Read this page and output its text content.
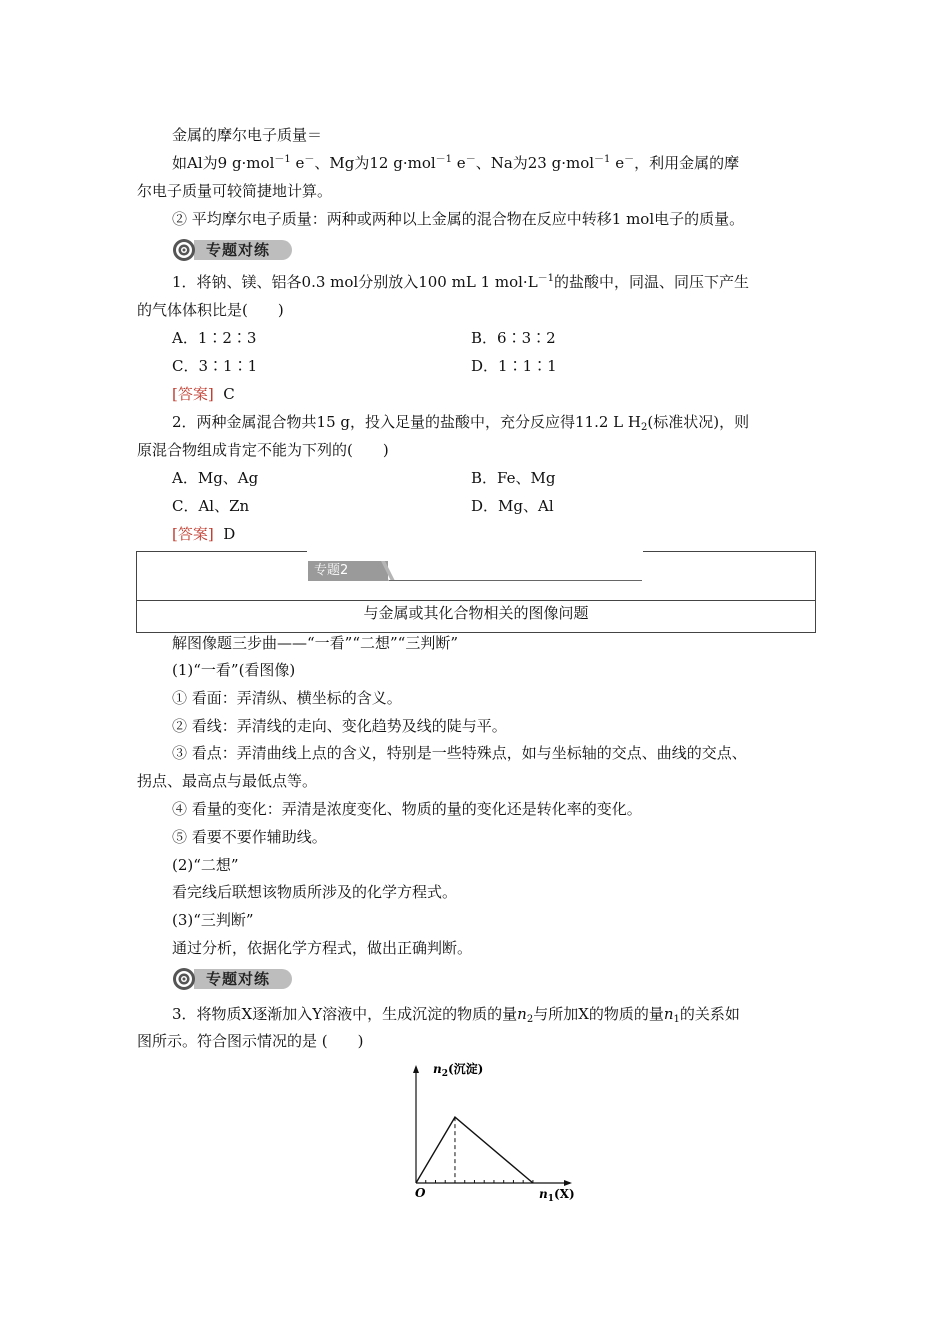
金属的摩尔电子质量＝
如Al为9 g·mol$^{-1}$ e－、Mg为12 g·mol$^{-1}$ e－、Na为23 g·mol$^{-1}$ e－，利用金属的摩
尔电子质量可较简捷地计算。
② 平均摩尔电子质量：两种或两种以上金属的混合物在反应中转移1 mol电子的质量。
专题对练
1．将钠、镁、铝各0.3 mol分别放入100 mL 1 $mol\cdot L^{-1}$的盐酸中，同温、同压下产生
的气体体积比是(　　)
A．1∶2∶3	B．6∶3∶2
C．3∶1∶1	D．1∶1∶1
[答案] C
2．两种金属混合物共15 g，投入足量的盐酸中，充分反应得11.2 L $H_2$(标准状况)，则
原混合物组成肯定不能为下列的(　　)
A．Mg、Ag	B．Fe、Mg
C．Al、Zn	D．Mg、Al
[答案] D
专题2
与金属或其化合物相关的图像问题
解图像题三步曲——“一看”“二想”“三判断”
(1)“一看”(看图像)
① 看面：弄清纵、横坐标的含义。
② 看线：弄清线的走向、变化趋势及线的陡与平。
③ 看点：弄清曲线上点的含义，特别是一些特殊点，如与坐标轴的交点、曲线的交点、
拐点、最高点与最低点等。
④ 看量的变化：弄清是浓度变化、物质的量的变化还是转化率的变化。
⑤ 看要不要作辅助线。
(2)“二想”
看完线后联想该物质所涉及的化学方程式。
(3)“三判断”
通过分析，依据化学方程式，做出正确判断。
专题对练
3．将物质X逐渐加入Y溶液中，生成沉淀的物质的量$n_2$与所加X的物质的量$n_1$的关系如
图所示。符合图示情况的是 (　　)
$n_2$(沉淀)
$n_1(X)$
O
